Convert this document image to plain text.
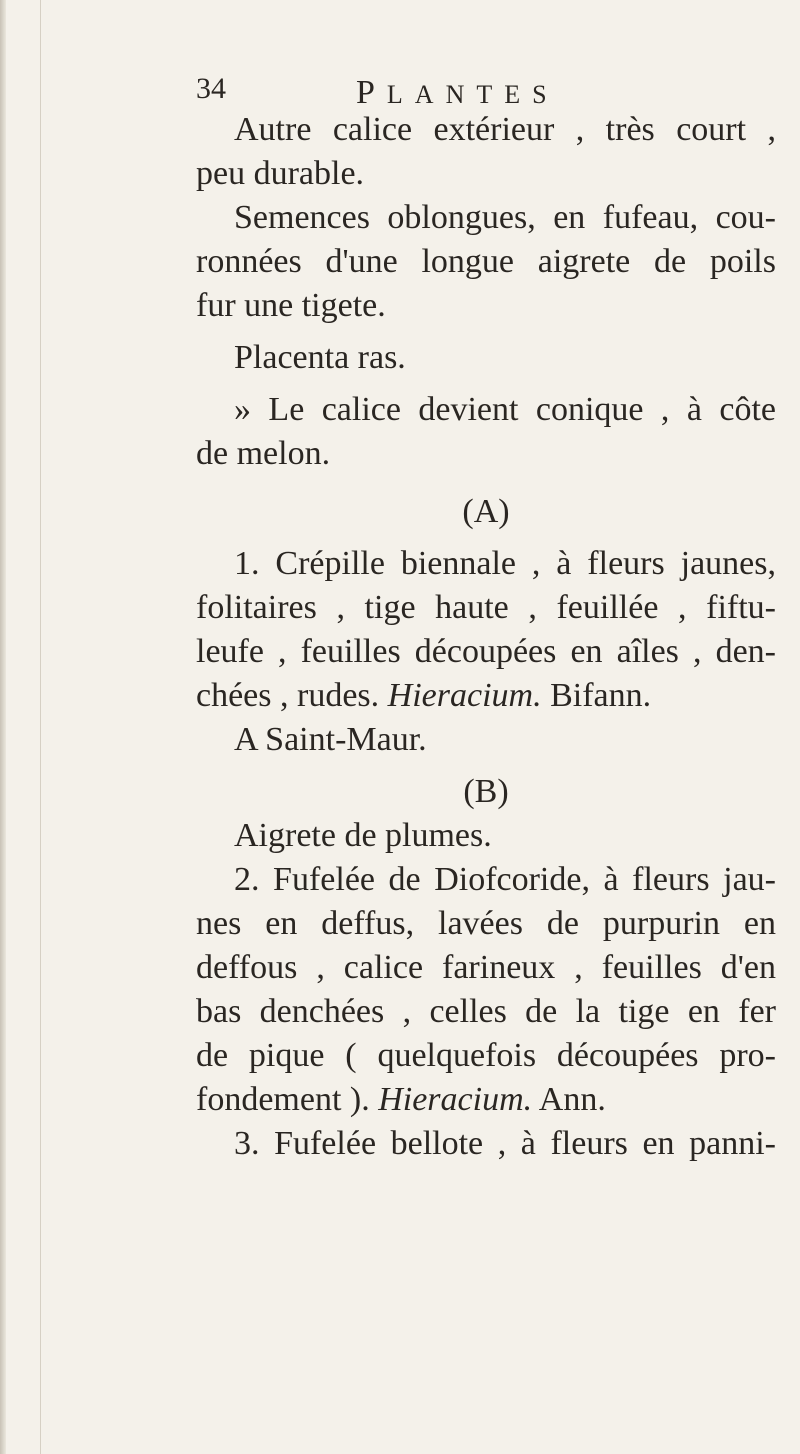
34	PLANTES
Autre calice extérieur , très court ,
peu durable.
Semences oblongues, en fufeau, cou-
ronnées d'une longue aigrete de poils
fur une tigete.
Placenta ras.
» Le calice devient conique , à côte
de melon.
(A)
1. Crépille biennale , à fleurs jaunes,
folitaires , tige haute , feuillée , fiftu-
leufe , feuilles découpées en aîles , den-
chées , rudes. Hieracium. Bifann.
A Saint-Maur.
(B)
Aigrete de plumes.
2. Fufelée de Diofcoride, à fleurs jau-
nes en deffus, lavées de purpurin en
deffous , calice farineux , feuilles d'en
bas denchées , celles de la tige en fer
de pique ( quelquefois découpées pro-
fondement ). Hieracium. Ann.
3. Fufelée bellote , à fleurs en panni-
